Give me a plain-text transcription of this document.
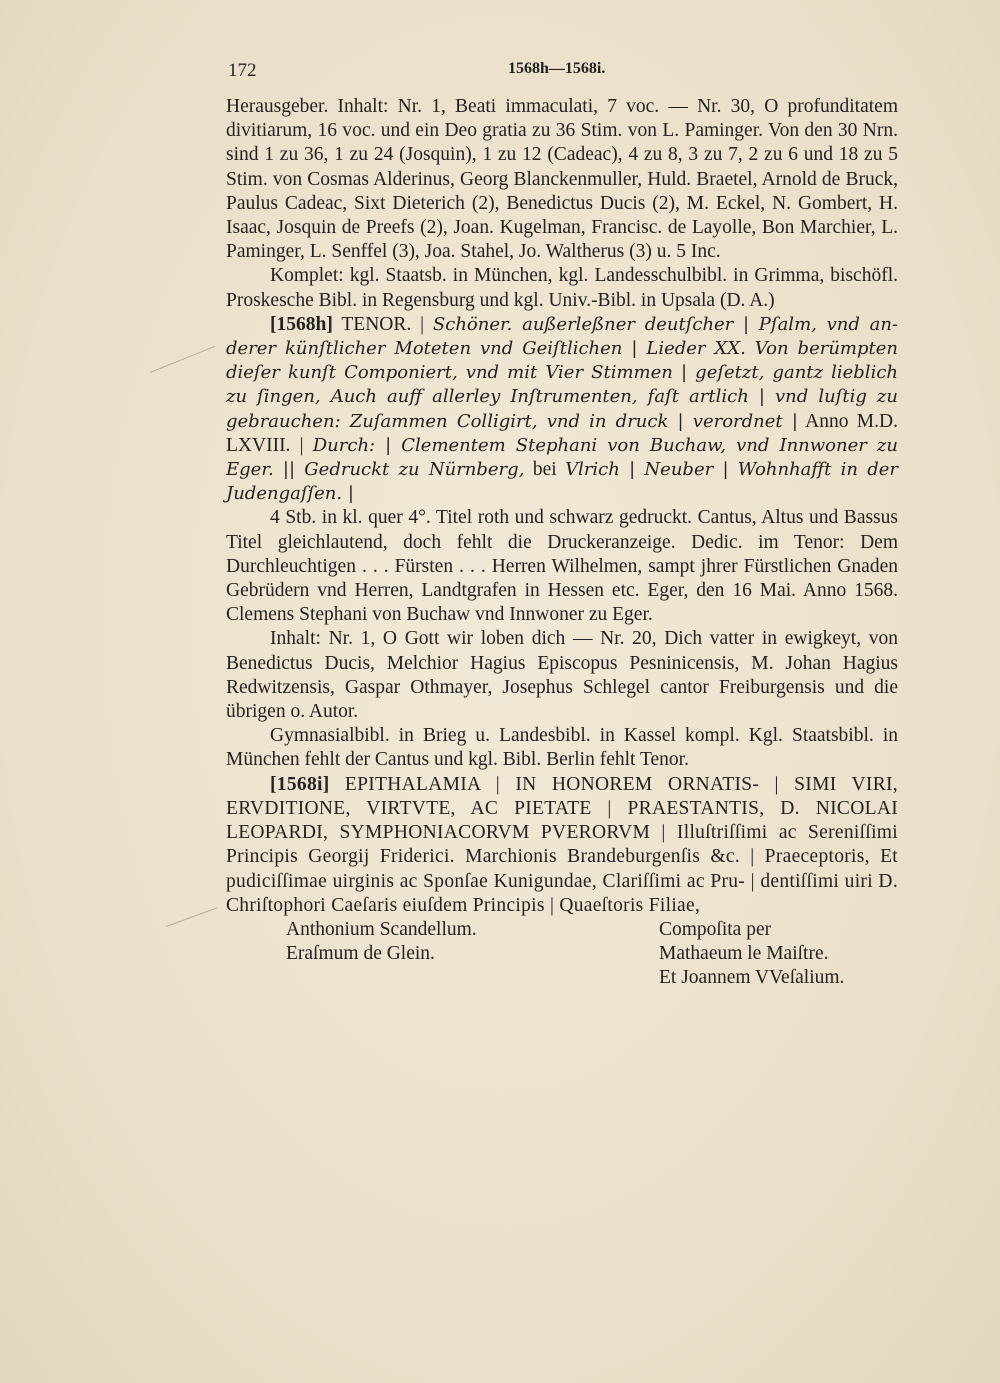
172	1568h—1568i.

Herausgeber. Inhalt: Nr. 1, Beati immaculati, 7 voc. — Nr. 30, O profunditatem divitiarum, 16 voc. und ein Deo gratia zu 36 Stim. von L. Paminger. Von den 30 Nrn. sind 1 zu 36, 1 zu 24 (Josquin), 1 zu 12 (Cadeac), 4 zu 8, 3 zu 7, 2 zu 6 und 18 zu 5 Stim. von Cosmas Alderinus, Georg Blanckenmuller, Huld. Braetel, Arnold de Bruck, Paulus Cadeac, Sixt Dieterich (2), Benedictus Ducis (2), M. Eckel, N. Gombert, H. Isaac, Josquin de Preefs (2), Joan. Kugelman, Francisc. de Layolle, Bon Marchier, L. Paminger, L. Senffel (3), Joa. Stahel, Jo. Waltherus (3) u. 5 Inc.

Komplet: kgl. Staatsb. in München, kgl. Landesschulbibl. in Grimma, bischöfl. Proskesche Bibl. in Regensburg und kgl. Univ.-Bibl. in Upsala (D. A.)

[1568h] TENOR. | Schöner. außerleßner deutſcher | Pſalm, vnd an- derer künſtlicher Moteten vnd Geiſtlichen | Lieder XX. Von berümpten dieſer kunſt Componiert, vnd mit Vier Stimmen | geſetzt, gantz lieblich zu ſingen, Auch auff allerley Inſtrumenten, faſt artlich | vnd luſtig zu gebrauchen: Zuſammen Colligirt, vnd in druck | verordnet | Anno M.D. LXVIII. | Durch: | Clementem Stephani von Buchaw, vnd Innwoner zu Eger. || Gedruckt zu Nürnberg, bei Vlrich | Neuber | Wohnhafft in der Judengaſſen. |

4 Stb. in kl. quer 4°. Titel roth und schwarz gedruckt. Cantus, Altus und Bassus Titel gleichlautend, doch fehlt die Druckeranzeige. Dedic. im Tenor: Dem Durchleuchtigen . . . Fürsten . . . Herren Wilhelmen, sampt jhrer Fürstlichen Gnaden Gebrüdern vnd Herren, Landtgrafen in Hessen etc. Eger, den 16 Mai. Anno 1568. Clemens Stephani von Buchaw vnd Innwoner zu Eger.

Inhalt: Nr. 1, O Gott wir loben dich — Nr. 20, Dich vatter in ewigkeyt, von Benedictus Ducis, Melchior Hagius Episcopus Pesninicensis, M. Johan Hagius Redwitzensis, Gaspar Othmayer, Josephus Schlegel cantor Freiburgensis und die übrigen o. Autor.

Gymnasialbibl. in Brieg u. Landesbibl. in Kassel kompl. Kgl. Staatsbibl. in München fehlt der Cantus und kgl. Bibl. Berlin fehlt Tenor.

[1568i] EPITHALAMIA | IN HONOREM ORNATIS- | SIMI VIRI, ERVDITIONE, VIRTVTE, AC PIETATE | PRAESTANTIS, D. NICOLAI LEOPARDI, SYMPHONIACORVM PVERORVM | Illuſtriſſimi ac Sereniſſimi Principis Georgij Friderici. Marchionis Brandeburgenſis &c. | Praeceptoris, Et pudiciſſimae uirginis ac Sponſae Kunigundae, Clariſſimi ac Pru- | dentiſſimi uiri D. Chriſtophori Caeſaris eiuſdem Principis | Quaeſtoris Filiae,

Anthonium Scandellum.
Eraſmum de Glein.
Compoſita per
Mathaeum le Maiſtre.
Et Joannem VVeſalium.
